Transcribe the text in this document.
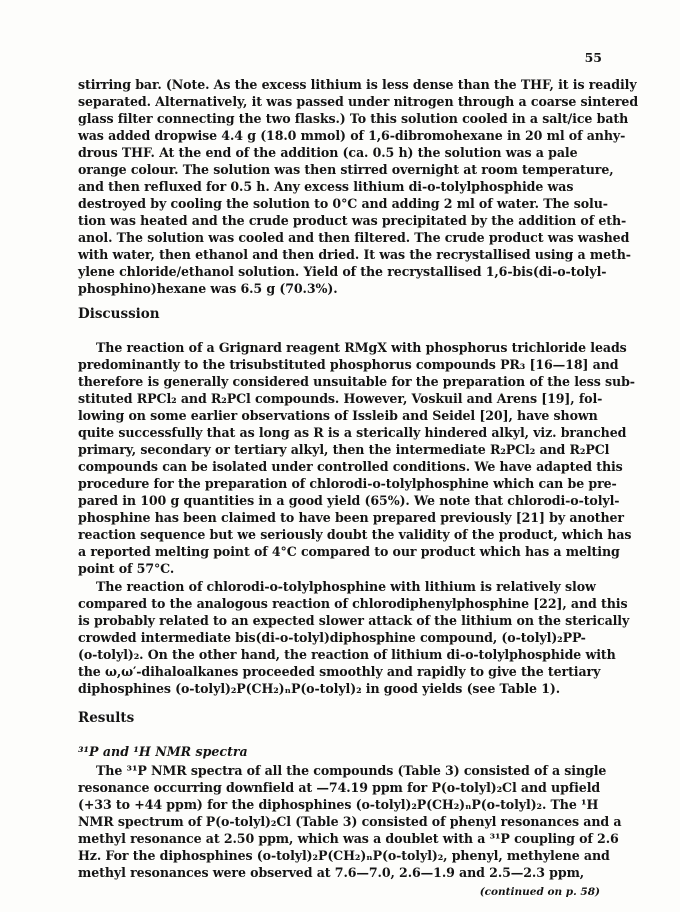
55
stirring bar. (Note. As the excess lithium is less dense than the THF, it is readily
separated. Alternatively, it was passed under nitrogen through a coarse sintered
glass filter connecting the two flasks.) To this solution cooled in a salt/ice bath
was added dropwise 4.4 g (18.0 mmol) of 1,6-dibromohexane in 20 ml of anhy-
drous THF. At the end of the addition (ca. 0.5 h) the solution was a pale
orange colour. The solution was then stirred overnight at room temperature,
and then refluxed for 0.5 h. Any excess lithium di-o-tolylphosphide was
destroyed by cooling the solution to 0°C and adding 2 ml of water. The solu-
tion was heated and the crude product was precipitated by the addition of eth-
anol. The solution was cooled and then filtered. The crude product was washed
with water, then ethanol and then dried. It was the recrystallised using a meth-
ylene chloride/ethanol solution. Yield of the recrystallised 1,6-bis(di-o-tolyl-
phosphino)hexane was 6.5 g (70.3%).
Discussion
The reaction of a Grignard reagent RMgX with phosphorus trichloride leads
predominantly to the trisubstituted phosphorus compounds PR₃ [16—18] and
therefore is generally considered unsuitable for the preparation of the less sub-
stituted RPCl₂ and R₂PCl compounds. However, Voskuil and Arens [19], fol-
lowing on some earlier observations of Issleib and Seidel [20], have shown
quite successfully that as long as R is a sterically hindered alkyl, viz. branched
primary, secondary or tertiary alkyl, then the intermediate R₂PCl₂ and R₂PCl
compounds can be isolated under controlled conditions. We have adapted this
procedure for the preparation of chlorodi-o-tolylphosphine which can be pre-
pared in 100 g quantities in a good yield (65%). We note that chlorodi-o-tolyl-
phosphine has been claimed to have been prepared previously [21] by another
reaction sequence but we seriously doubt the validity of the product, which has
a reported melting point of 4°C compared to our product which has a melting
point of 57°C.
The reaction of chlorodi-o-tolylphosphine with lithium is relatively slow
compared to the analogous reaction of chlorodiphenylphosphine [22], and this
is probably related to an expected slower attack of the lithium on the sterically
crowded intermediate bis(di-o-tolyl)diphosphine compound, (o-tolyl)₂PP-
(o-tolyl)₂. On the other hand, the reaction of lithium di-o-tolylphosphide with
the ω,ω′-dihaloalkanes proceeded smoothly and rapidly to give the tertiary
diphosphines (o-tolyl)₂P(CH₂)ₙP(o-tolyl)₂ in good yields (see Table 1).
Results
³¹P and ¹H NMR spectra
The ³¹P NMR spectra of all the compounds (Table 3) consisted of a single
resonance occurring downfield at —74.19 ppm for P(o-tolyl)₂Cl and upfield
(+33 to +44 ppm) for the diphosphines (o-tolyl)₂P(CH₂)ₙP(o-tolyl)₂. The ¹H
NMR spectrum of P(o-tolyl)₂Cl (Table 3) consisted of phenyl resonances and a
methyl resonance at 2.50 ppm, which was a doublet with a ³¹P coupling of 2.6
Hz. For the diphosphines (o-tolyl)₂P(CH₂)ₙP(o-tolyl)₂, phenyl, methylene and
methyl resonances were observed at 7.6—7.0, 2.6—1.9 and 2.5—2.3 ppm,
(continued on p. 58)
